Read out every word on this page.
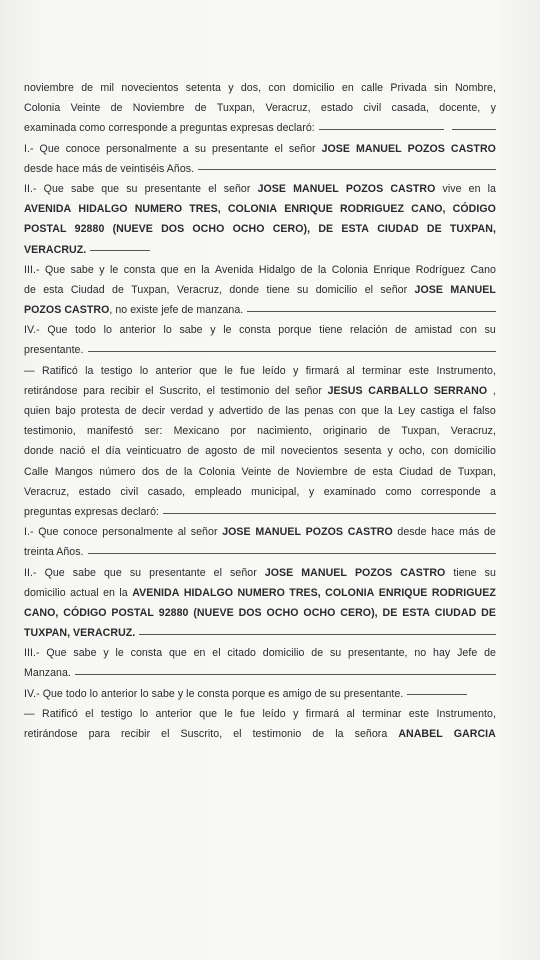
noviembre de mil novecientos setenta y dos, con domicilio en calle Privada sin Nombre,
Colonia Veinte de Noviembre de Tuxpan, Veracruz, estado civil casada, docente, y
examinada como corresponde a preguntas expresas declaró:
I.- Que conoce personalmente a su presentante el señor JOSE MANUEL POZOS CASTRO
desde hace más de veintiséis Años.
II.- Que sabe que su presentante el señor JOSE MANUEL POZOS CASTRO vive en la
AVENIDA HIDALGO NUMERO TRES, COLONIA ENRIQUE RODRIGUEZ CANO, CÓDIGO
POSTAL 92880 (NUEVE DOS OCHO OCHO CERO), DE ESTA CIUDAD DE TUXPAN,
VERACRUZ.
III.- Que sabe y le consta que en la Avenida Hidalgo de la Colonia Enrique Rodríguez Cano
de esta Ciudad de Tuxpan, Veracruz, donde tiene su domicilio el señor JOSE MANUEL
POZOS CASTRO, no existe jefe de manzana.
IV.- Que todo lo anterior lo sabe y le consta porque tiene relación de amistad con su
presentante.
— Ratificó la testigo lo anterior que le fue leído y firmará al terminar este Instrumento,
retirándose para recibir el Suscrito, el testimonio del señor JESUS CARBALLO SERRANO ,
quien bajo protesta de decir verdad y advertido de las penas con que la Ley castiga el falso
testimonio, manifestó ser: Mexicano por nacimiento, originario de Tuxpan, Veracruz,
donde nació el día veinticuatro de agosto de mil novecientos sesenta y ocho, con domicilio
Calle Mangos número dos de la Colonia Veinte de Noviembre de esta Ciudad de Tuxpan,
Veracruz, estado civil casado, empleado municipal, y examinado como corresponde a
preguntas expresas declaró:
I.- Que conoce personalmente al señor JOSE MANUEL POZOS CASTRO desde hace más de
treinta Años.
II.- Que sabe que su presentante el señor JOSE MANUEL POZOS CASTRO tiene su
domicilio actual en la AVENIDA HIDALGO NUMERO TRES, COLONIA ENRIQUE RODRIGUEZ
CANO, CÓDIGO POSTAL 92880 (NUEVE DOS OCHO OCHO CERO), DE ESTA CIUDAD DE
TUXPAN, VERACRUZ.
III.- Que sabe y le consta que en el citado domicilio de su presentante, no hay Jefe de
Manzana.
IV.- Que todo lo anterior lo sabe y le consta porque es amigo de su presentante.
— Ratificó el testigo lo anterior que le fue leído y firmará al terminar este Instrumento,
retirándose para recibir el Suscrito, el testimonio de la señora ANABEL GARCIA
